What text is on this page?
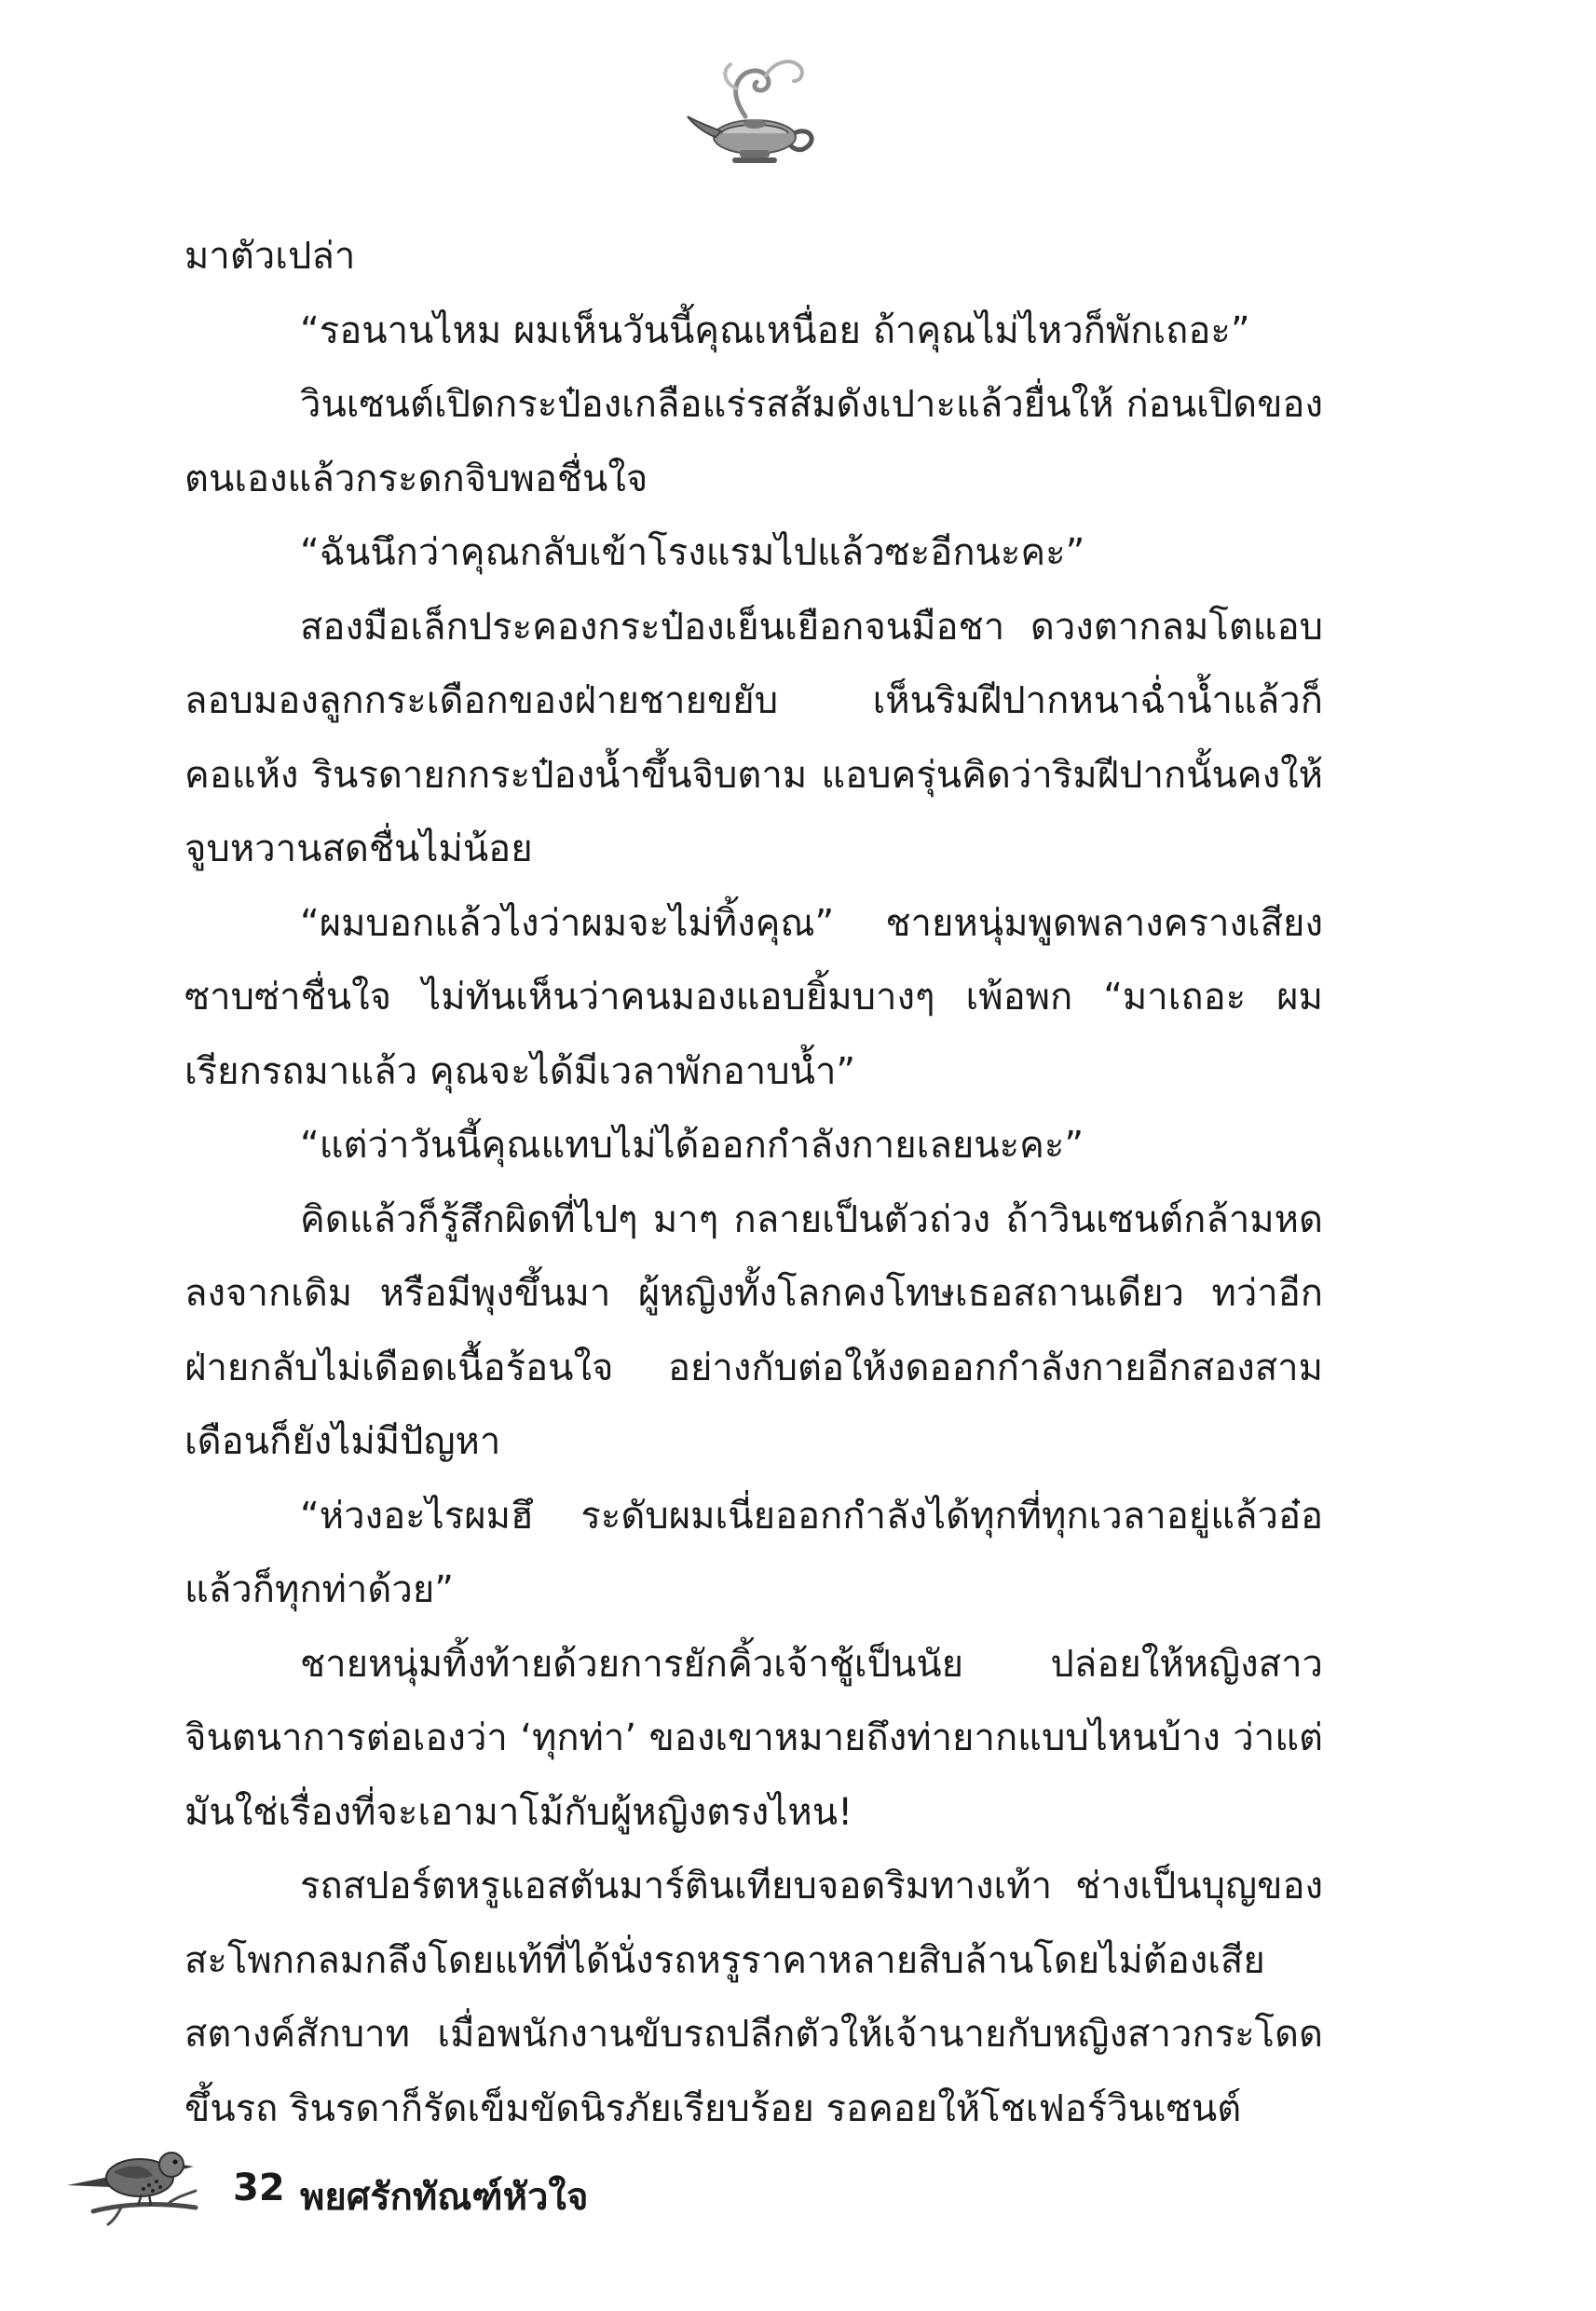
มาตัวเปล่า

“รอนานไหม ผมเห็นวันนี้คุณเหนื่อย ถ้าคุณไม่ไหวก็พักเถอะ”

วินเซนต์เปิดกระป๋องเกลือแร่รสส้มดังเปาะแล้วยื่นให้ ก่อนเปิดของตนเองแล้วกระดกจิบพอชื่นใจ

“ฉันนึกว่าคุณกลับเข้าโรงแรมไปแล้วซะอีกนะคะ”

สองมือเล็กประคองกระป๋องเย็นเยือกจนมือชา ดวงตากลมโตแอบลอบมองลูกกระเดือกของฝ่ายชายขยับ เห็นริมฝีปากหนาฉ่ำน้ำแล้วก็คอแห้ง รินรดายกกระป๋องน้ำขึ้นจิบตาม แอบครุ่นคิดว่าริมฝีปากนั้นคงให้จูบหวานสดชื่นไม่น้อย

“ผมบอกแล้วไงว่าผมจะไม่ทิ้งคุณ” ชายหนุ่มพูดพลางครางเสียงซาบซ่าชื่นใจ ไม่ทันเห็นว่าคนมองแอบยิ้มบางๆ เพ้อพก “มาเถอะ ผมเรียกรถมาแล้ว คุณจะได้มีเวลาพักอาบน้ำ”

“แต่ว่าวันนี้คุณแทบไม่ได้ออกกำลังกายเลยนะคะ”

คิดแล้วก็รู้สึกผิดที่ไปๆ มาๆ กลายเป็นตัวถ่วง ถ้าวินเซนต์กล้ามหดลงจากเดิม หรือมีพุงขึ้นมา ผู้หญิงทั้งโลกคงโทษเธอสถานเดียว ทว่าอีกฝ่ายกลับไม่เดือดเนื้อร้อนใจ อย่างกับต่อให้งดออกกำลังกายอีกสองสามเดือนก็ยังไม่มีปัญหา

“ห่วงอะไรผมฮึ ระดับผมเนี่ยออกกำลังได้ทุกที่ทุกเวลาอยู่แล้วอ๋อ แล้วก็ทุกท่าด้วย”

ชายหนุ่มทิ้งท้ายด้วยการยักคิ้วเจ้าชู้เป็นนัย ปล่อยให้หญิงสาวจินตนาการต่อเองว่า ‘ทุกท่า’ ของเขาหมายถึงท่ายากแบบไหนบ้าง ว่าแต่มันใช่เรื่องที่จะเอามาโม้กับผู้หญิงตรงไหน!

รถสปอร์ตหรูแอสตันมาร์ตินเทียบจอดริมทางเท้า ช่างเป็นบุญของสะโพกกลมกลึงโดยแท้ที่ได้นั่งรถหรูราคาหลายสิบล้านโดยไม่ต้องเสียสตางค์สักบาท เมื่อพนักงานขับรถปลีกตัวให้เจ้านายกับหญิงสาวกระโดดขึ้นรถ รินรดาก็รัดเข็มขัดนิรภัยเรียบร้อย รอคอยให้โชเฟอร์วินเซนต์

32 พยศรักทัณฑ์หัวใจ
